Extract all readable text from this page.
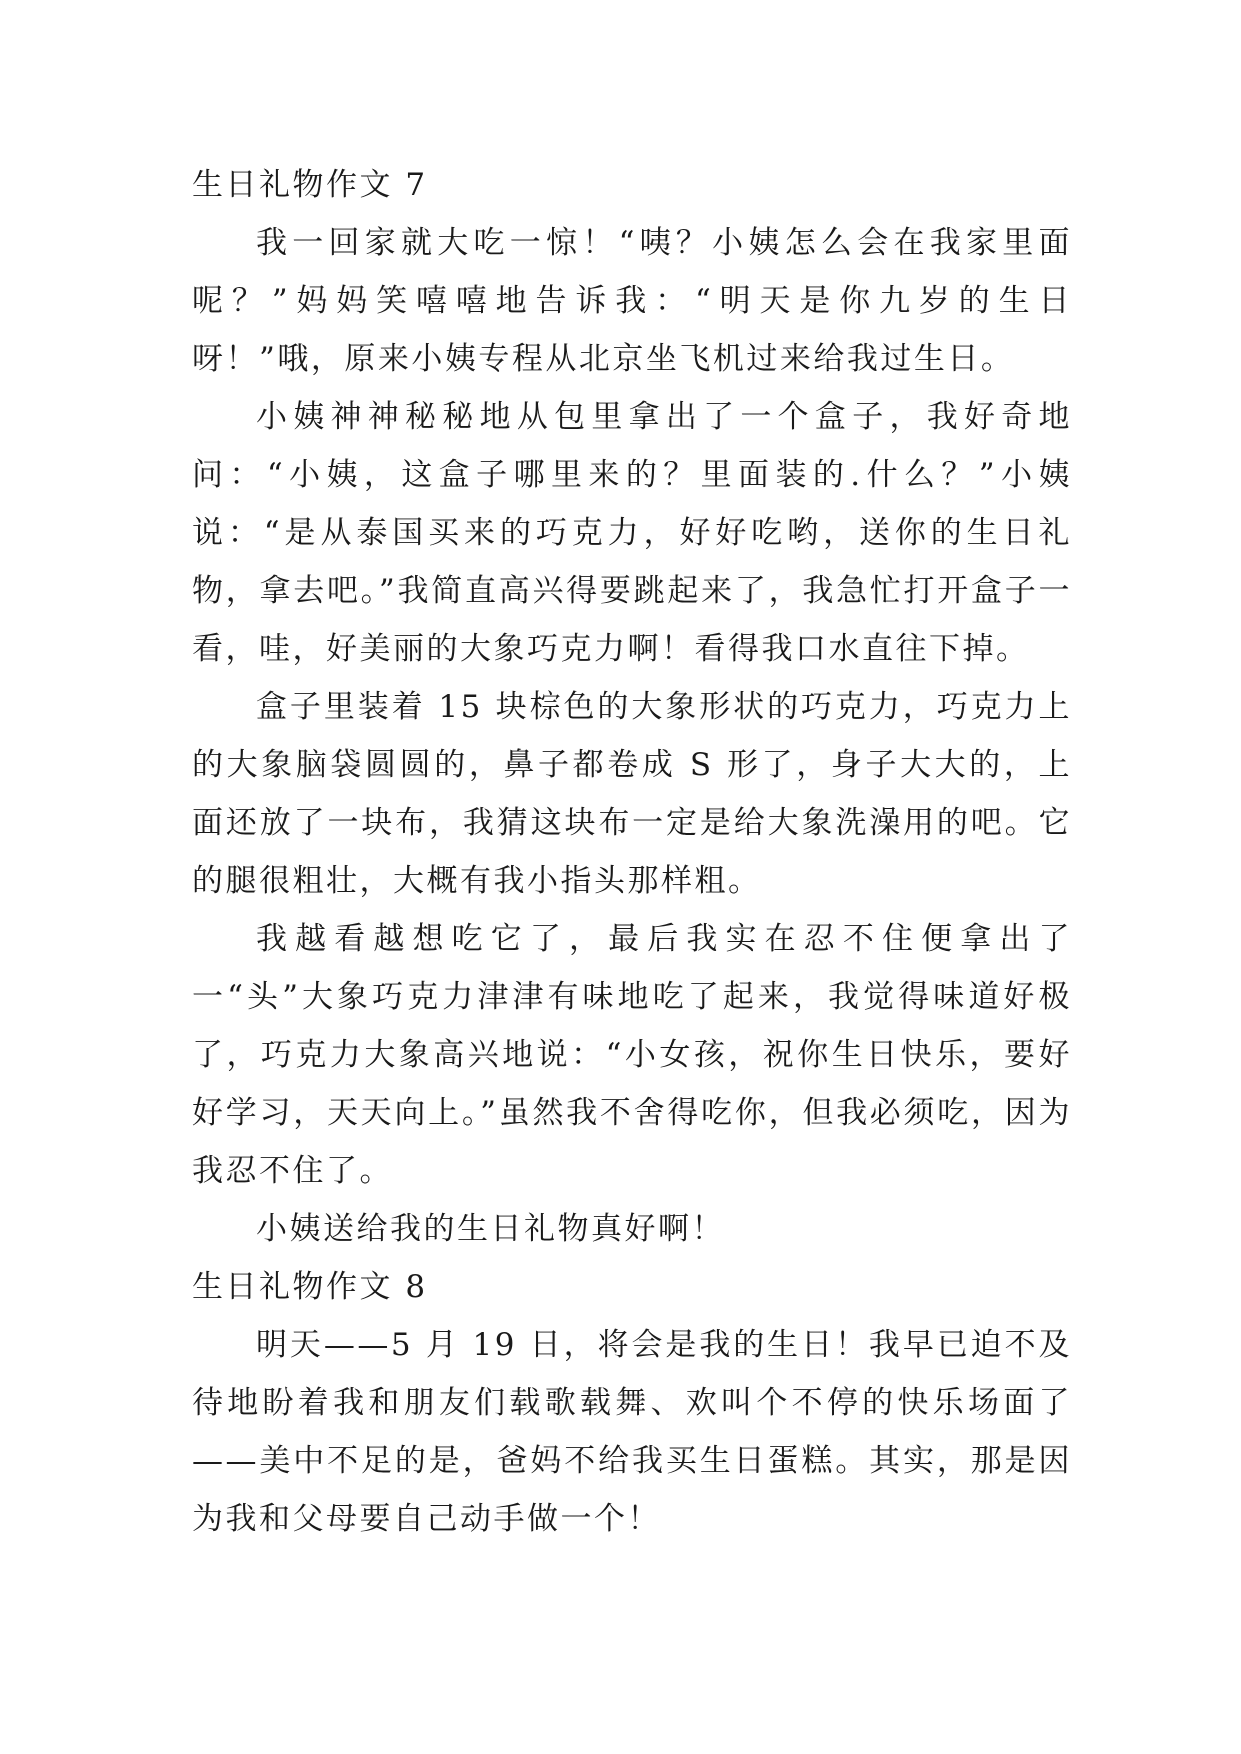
生日礼物作文 7

我一回家就大吃一惊！“咦？小姨怎么会在我家里面呢？”妈妈笑嘻嘻地告诉我：“明天是你九岁的生日呀！”哦，原来小姨专程从北京坐飞机过来给我过生日。

小姨神神秘秘地从包里拿出了一个盒子，我好奇地问：“小姨，这盒子哪里来的？里面装的.什么？”小姨说：“是从泰国买来的巧克力，好好吃哟，送你的生日礼物，拿去吧。”我简直高兴得要跳起来了，我急忙打开盒子一看，哇，好美丽的大象巧克力啊！看得我口水直往下掉。

盒子里装着 15 块棕色的大象形状的巧克力，巧克力上的大象脑袋圆圆的，鼻子都卷成 S 形了，身子大大的，上面还放了一块布，我猜这块布一定是给大象洗澡用的吧。它的腿很粗壮，大概有我小指头那样粗。

我越看越想吃它了，最后我实在忍不住便拿出了一“头”大象巧克力津津有味地吃了起来，我觉得味道好极了，巧克力大象高兴地说：“小女孩，祝你生日快乐，要好好学习，天天向上。”虽然我不舍得吃你，但我必须吃，因为我忍不住了。

小姨送给我的生日礼物真好啊！

生日礼物作文 8

明天——5 月 19 日，将会是我的生日！我早已迫不及待地盼着我和朋友们载歌载舞、欢叫个不停的快乐场面了——美中不足的是，爸妈不给我买生日蛋糕。其实，那是因为我和父母要自己动手做一个！
